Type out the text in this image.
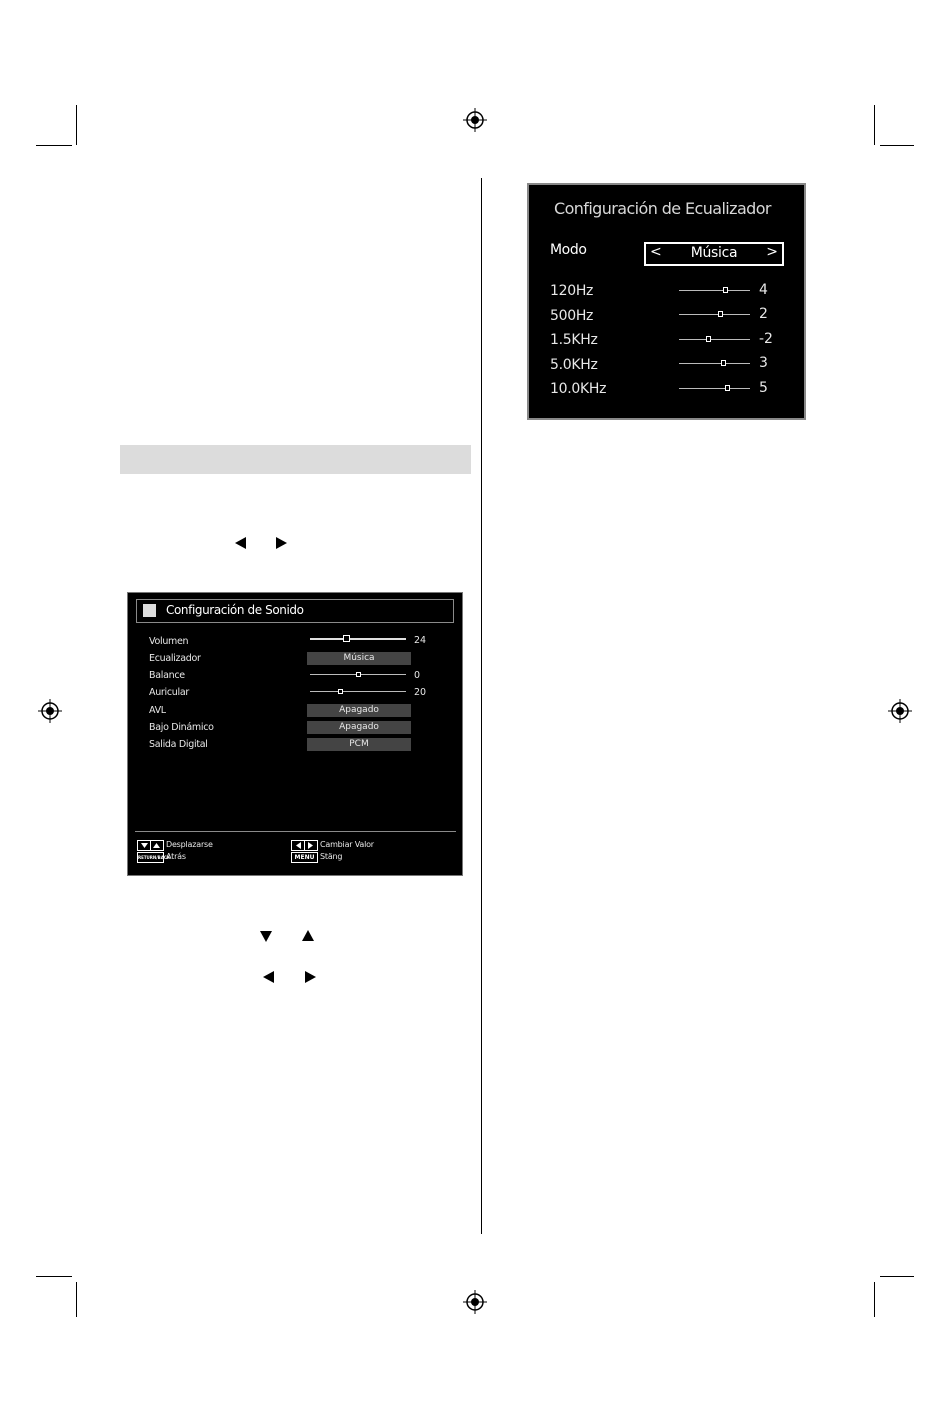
Configuración de Sonido
Volumen	24
Ecualizador	Música
Balance	0
Auricular	20
AVL	Apagado
Bajo Dinámico	Apagado
Salida Digital	PCM
Desplazarse
RETURN/BACK
Atrás
Cambiar Valor
MENU Stäng
Configuración de Ecualizador
Modo	<	Música	>
120Hz	4
500Hz	2
1.5KHz	-2
5.0KHz	3
10.0KHz	5
